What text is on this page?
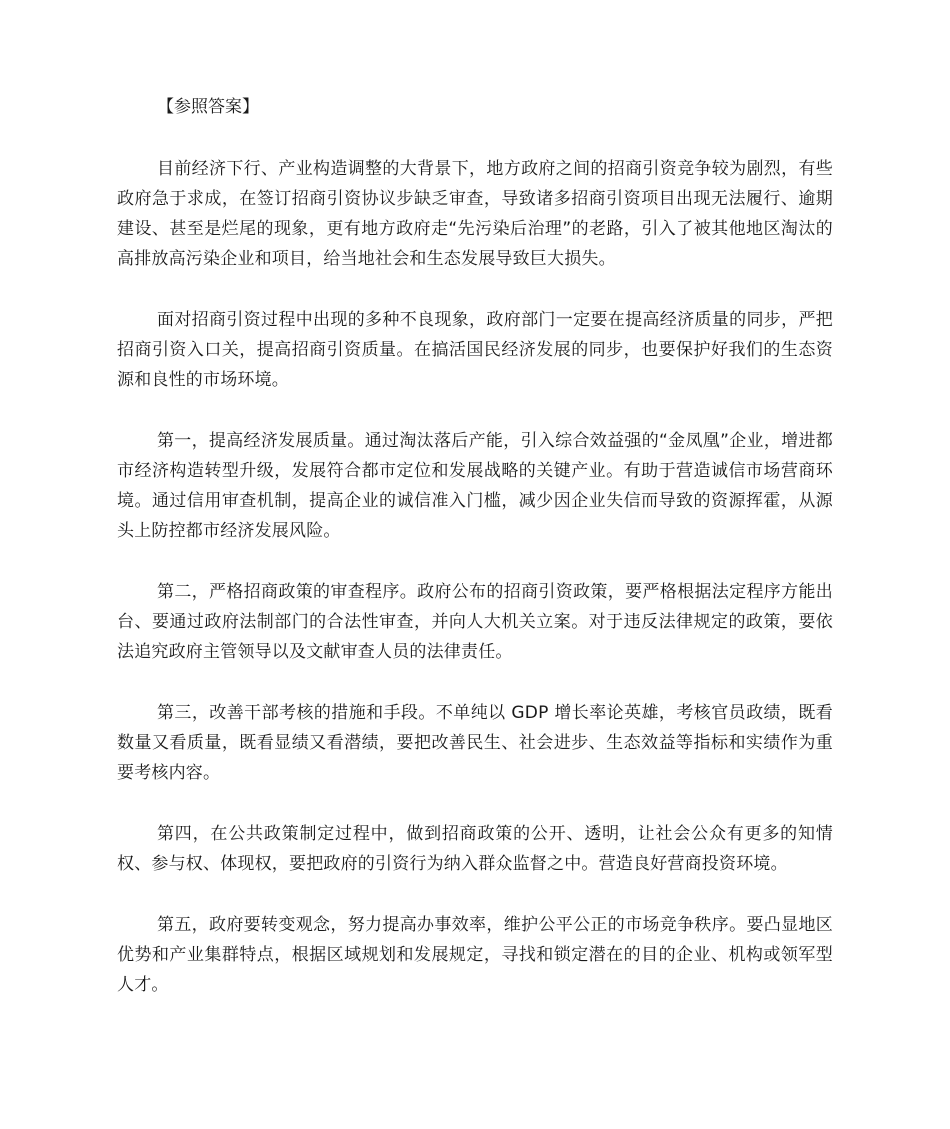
【参照答案】

目前经济下行、产业构造调整的大背景下，地方政府之间的招商引资竞争较为剧烈，有些政府急于求成，在签订招商引资协议步缺乏审查，导致诸多招商引资项目出现无法履行、逾期建设、甚至是烂尾的现象，更有地方政府走“先污染后治理”的老路，引入了被其他地区淘汰的高排放高污染企业和项目，给当地社会和生态发展导致巨大损失。

面对招商引资过程中出现的多种不良现象，政府部门一定要在提高经济质量的同步，严把招商引资入口关，提高招商引资质量。在搞活国民经济发展的同步，也要保护好我们的生态资源和良性的市场环境。

第一，提高经济发展质量。通过淘汰落后产能，引入综合效益强的“金凤凰”企业，增进都市经济构造转型升级，发展符合都市定位和发展战略的关键产业。有助于营造诚信市场营商环境。通过信用审查机制，提高企业的诚信准入门槛，减少因企业失信而导致的资源挥霍，从源头上防控都市经济发展风险。

第二，严格招商政策的审查程序。政府公布的招商引资政策，要严格根据法定程序方能出台、要通过政府法制部门的合法性审查，并向人大机关立案。对于违反法律规定的政策，要依法追究政府主管领导以及文献审查人员的法律责任。

第三，改善干部考核的措施和手段。不单纯以 GDP 增长率论英雄，考核官员政绩，既看数量又看质量，既看显绩又看潜绩，要把改善民生、社会进步、生态效益等指标和实绩作为重要考核内容。

第四，在公共政策制定过程中，做到招商政策的公开、透明，让社会公众有更多的知情权、参与权、体现权，要把政府的引资行为纳入群众监督之中。营造良好营商投资环境。

第五，政府要转变观念，努力提高办事效率，维护公平公正的市场竞争秩序。要凸显地区优势和产业集群特点，根据区域规划和发展规定，寻找和锁定潜在的目的企业、机构或领军型人才。
